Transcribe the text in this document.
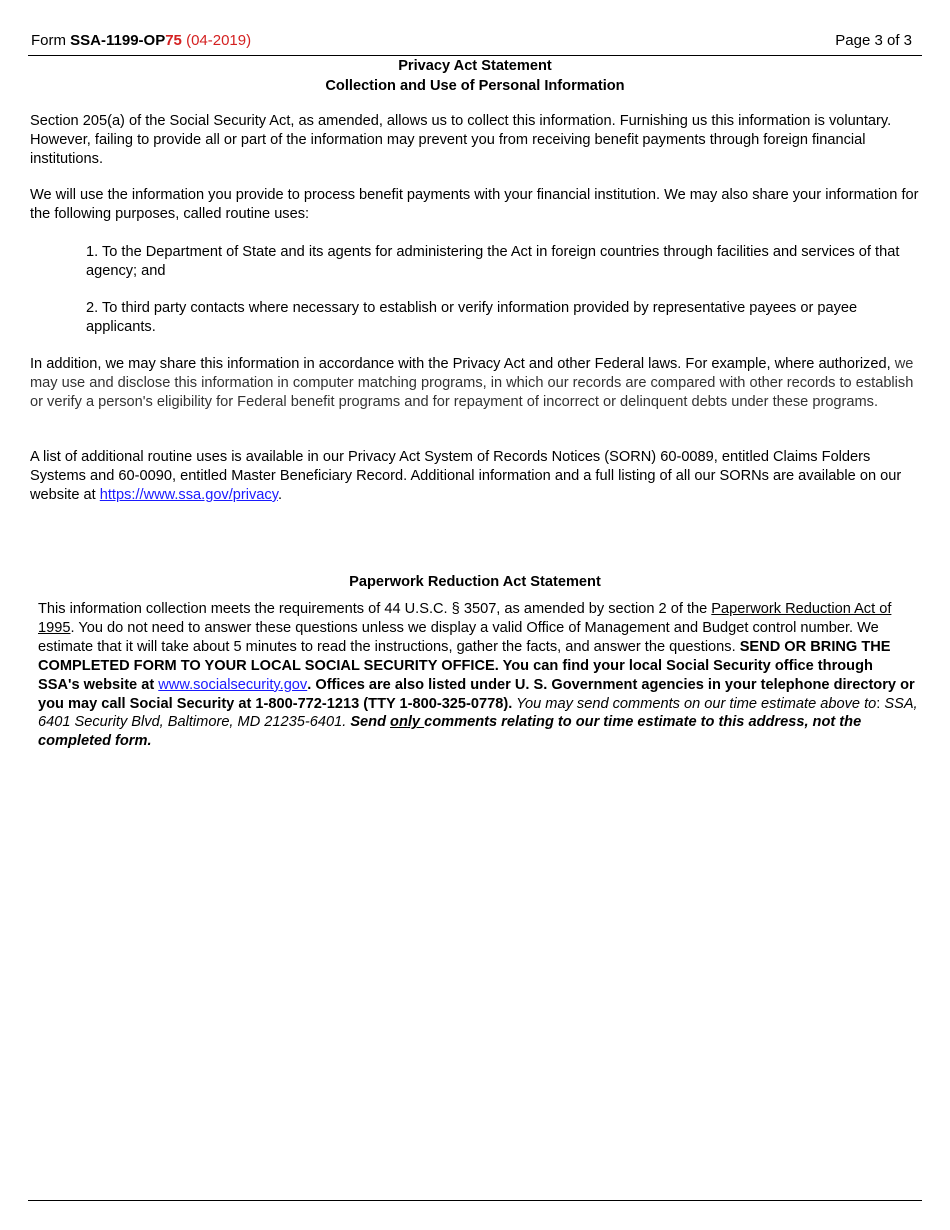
Form SSA-1199-OP75 (04-2019)	Page 3 of 3
Privacy Act Statement
Collection and Use of Personal Information

Section 205(a) of the Social Security Act, as amended, allows us to collect this information. Furnishing us this information is voluntary. However, failing to provide all or part of the information may prevent you from receiving benefit payments through foreign financial institutions.

We will use the information you provide to process benefit payments with your financial institution. We may also share your information for the following purposes, called routine uses:

1. To the Department of State and its agents for administering the Act in foreign countries through facilities and services of that agency; and

2. To third party contacts where necessary to establish or verify information provided by representative payees or payee applicants.

In addition, we may share this information in accordance with the Privacy Act and other Federal laws. For example, where authorized, we may use and disclose this information in computer matching programs, in which our records are compared with other records to establish or verify a person's eligibility for Federal benefit programs and for repayment of incorrect or delinquent debts under these programs.

A list of additional routine uses is available in our Privacy Act System of Records Notices (SORN) 60-0089, entitled Claims Folders Systems and 60-0090, entitled Master Beneficiary Record. Additional information and a full listing of all our SORNs are available on our website at https://www.ssa.gov/privacy.

Paperwork Reduction Act Statement

This information collection meets the requirements of 44 U.S.C. § 3507, as amended by section 2 of the Paperwork Reduction Act of 1995. You do not need to answer these questions unless we display a valid Office of Management and Budget control number. We estimate that it will take about 5 minutes to read the instructions, gather the facts, and answer the questions. SEND OR BRING THE COMPLETED FORM TO YOUR LOCAL SOCIAL SECURITY OFFICE. You can find your local Social Security office through SSA's website at www.socialsecurity.gov. Offices are also listed under U. S. Government agencies in your telephone directory or you may call Social Security at 1-800-772-1213 (TTY 1-800-325-0778). You may send comments on our time estimate above to: SSA, 6401 Security Blvd, Baltimore, MD 21235-6401. Send only comments relating to our time estimate to this address, not the completed form.
